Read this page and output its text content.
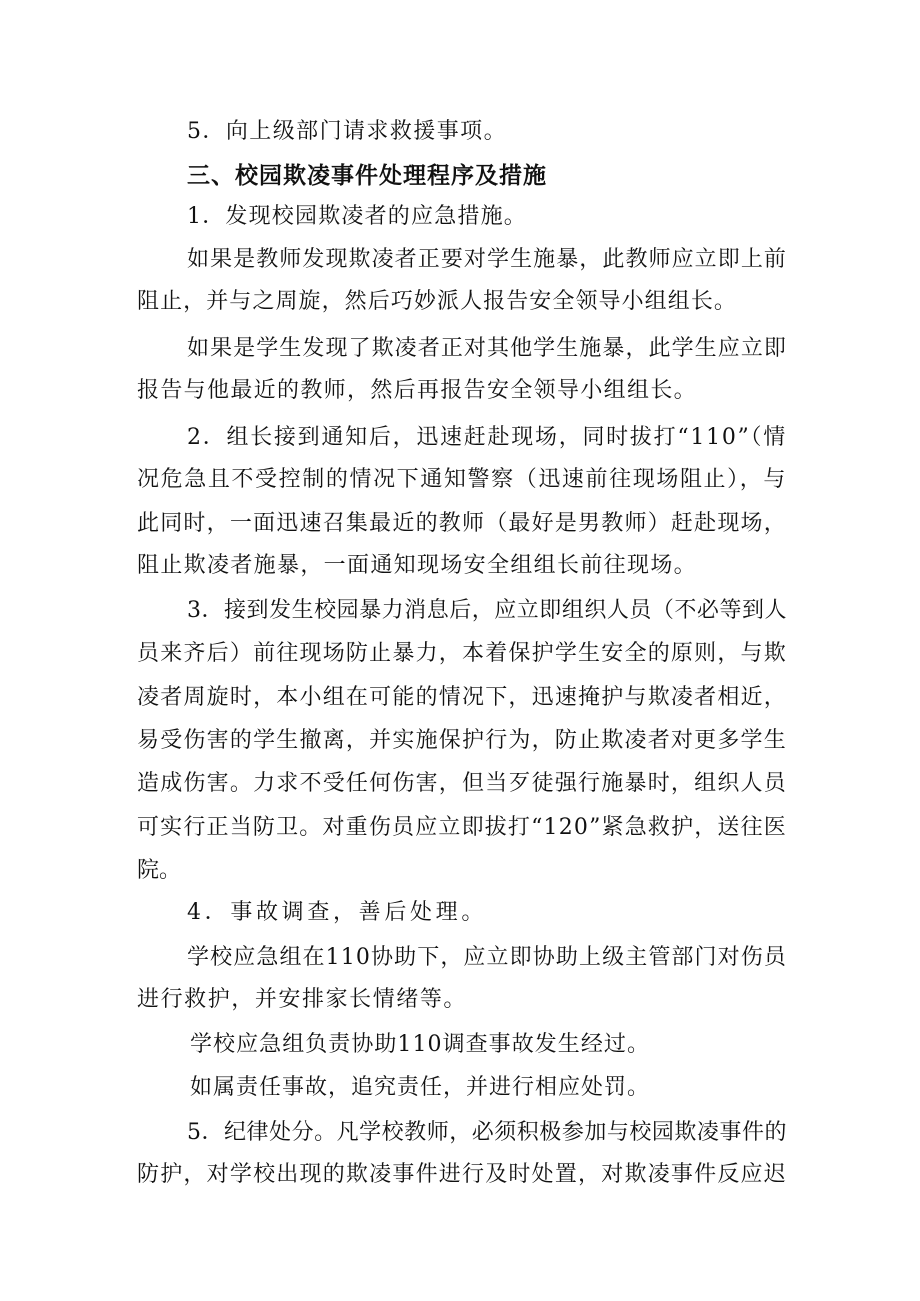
5．向上级部门请求救援事项。
三、校园欺凌事件处理程序及措施
1．发现校园欺凌者的应急措施。
如果是教师发现欺凌者正要对学生施暴，此教师应立即上前
阻止，并与之周旋，然后巧妙派人报告安全领导小组组长。
如果是学生发现了欺凌者正对其他学生施暴，此学生应立即
报告与他最近的教师，然后再报告安全领导小组组长。
2．组长接到通知后，迅速赶赴现场，同时拔打“110”（情
况危急且不受控制的情况下通知警察（迅速前往现场阻止），与
此同时，一面迅速召集最近的教师（最好是男教师）赶赴现场，
阻止欺凌者施暴，一面通知现场安全组组长前往现场。
3．接到发生校园暴力消息后，应立即组织人员（不必等到人
员来齐后）前往现场防止暴力，本着保护学生安全的原则，与欺
凌者周旋时，本小组在可能的情况下，迅速掩护与欺凌者相近，
易受伤害的学生撤离，并实施保护行为，防止欺凌者对更多学生
造成伤害。力求不受任何伤害，但当歹徒强行施暴时，组织人员
可实行正当防卫。对重伤员应立即拔打“120”紧急救护，送往医
院。
4．事故调查，善后处理。
学校应急组在110协助下，应立即协助上级主管部门对伤员
进行救护，并安排家长情绪等。
学校应急组负责协助110调查事故发生经过。
如属责任事故，追究责任，并进行相应处罚。
5．纪律处分。凡学校教师，必须积极参加与校园欺凌事件的
防护，对学校出现的欺凌事件进行及时处置，对欺凌事件反应迟
